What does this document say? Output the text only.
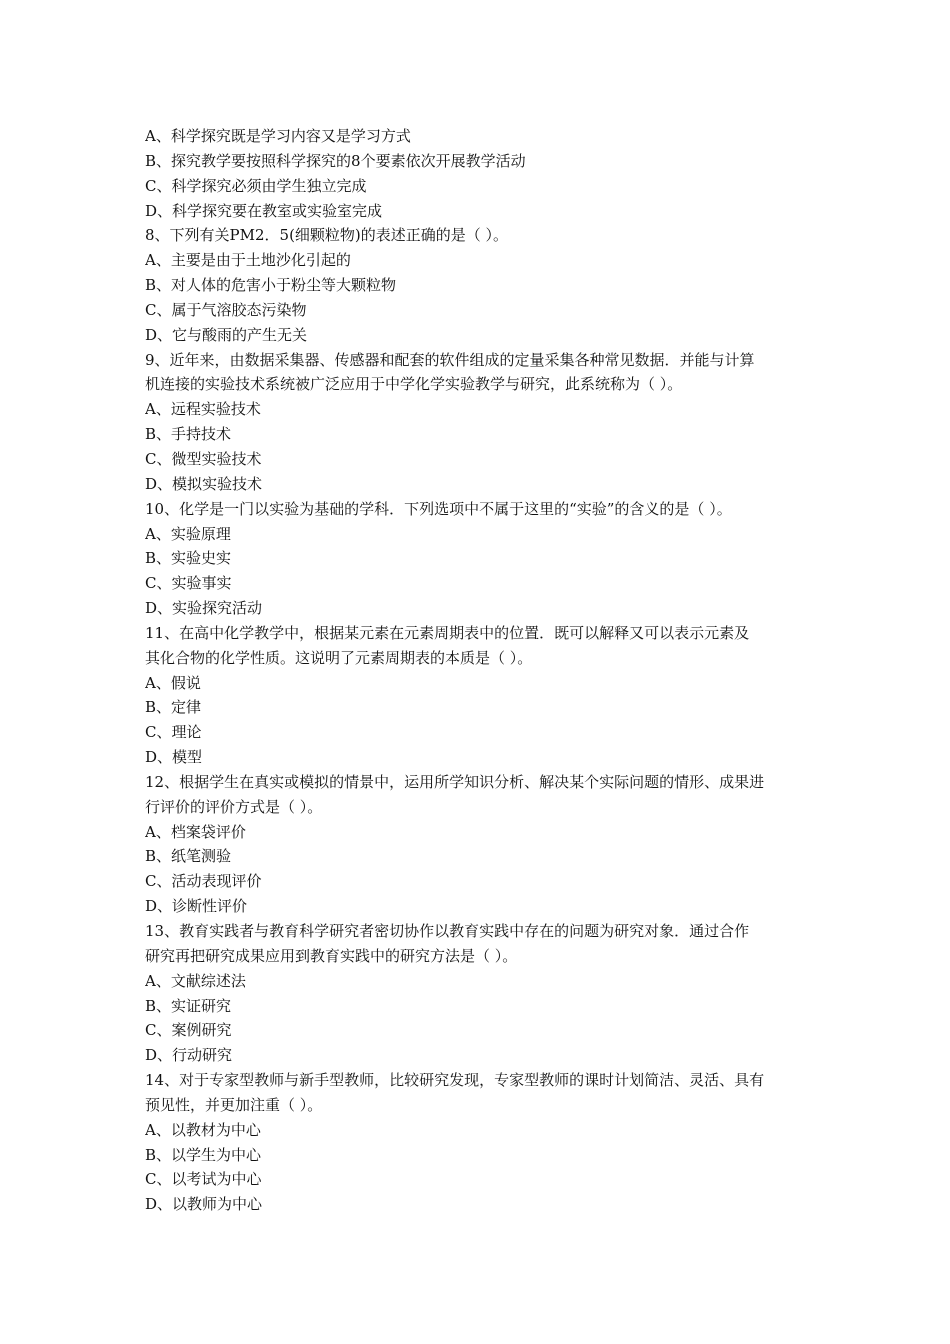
A、科学探究既是学习内容又是学习方式
B、探究教学要按照科学探究的8个要素依次开展教学活动
C、科学探究必须由学生独立完成
D、科学探究要在教室或实验室完成
8、下列有关PM2．5(细颗粒物)的表述正确的是（ ）。
A、主要是由于土地沙化引起的
B、对人体的危害小于粉尘等大颗粒物
C、属于气溶胶态污染物
D、它与酸雨的产生无关
9、近年来，由数据采集器、传感器和配套的软件组成的定量采集各种常见数据．并能与计算
机连接的实验技术系统被广泛应用于中学化学实验教学与研究，此系统称为（ ）。
A、远程实验技术
B、手持技术
C、微型实验技术
D、模拟实验技术
10、化学是一门以实验为基础的学科．下列选项中不属于这里的“实验”的含义的是（ ）。
A、实验原理
B、实验史实
C、实验事实
D、实验探究活动
11、在高中化学教学中，根据某元素在元素周期表中的位置．既可以解释又可以表示元素及
其化合物的化学性质。这说明了元素周期表的本质是（ ）。
A、假说
B、定律
C、理论
D、模型
12、根据学生在真实或模拟的情景中，运用所学知识分析、解决某个实际问题的情形、成果进
行评价的评价方式是（ ）。
A、档案袋评价
B、纸笔测验
C、活动表现评价
D、诊断性评价
13、教育实践者与教育科学研究者密切协作以教育实践中存在的问题为研究对象．通过合作
研究再把研究成果应用到教育实践中的研究方法是（ ）。
A、文献综述法
B、实证研究
C、案例研究
D、行动研究
14、对于专家型教师与新手型教师，比较研究发现，专家型教师的课时计划简洁、灵活、具有
预见性，并更加注重（ ）。
A、以教材为中心
B、以学生为中心
C、以考试为中心
D、以教师为中心
